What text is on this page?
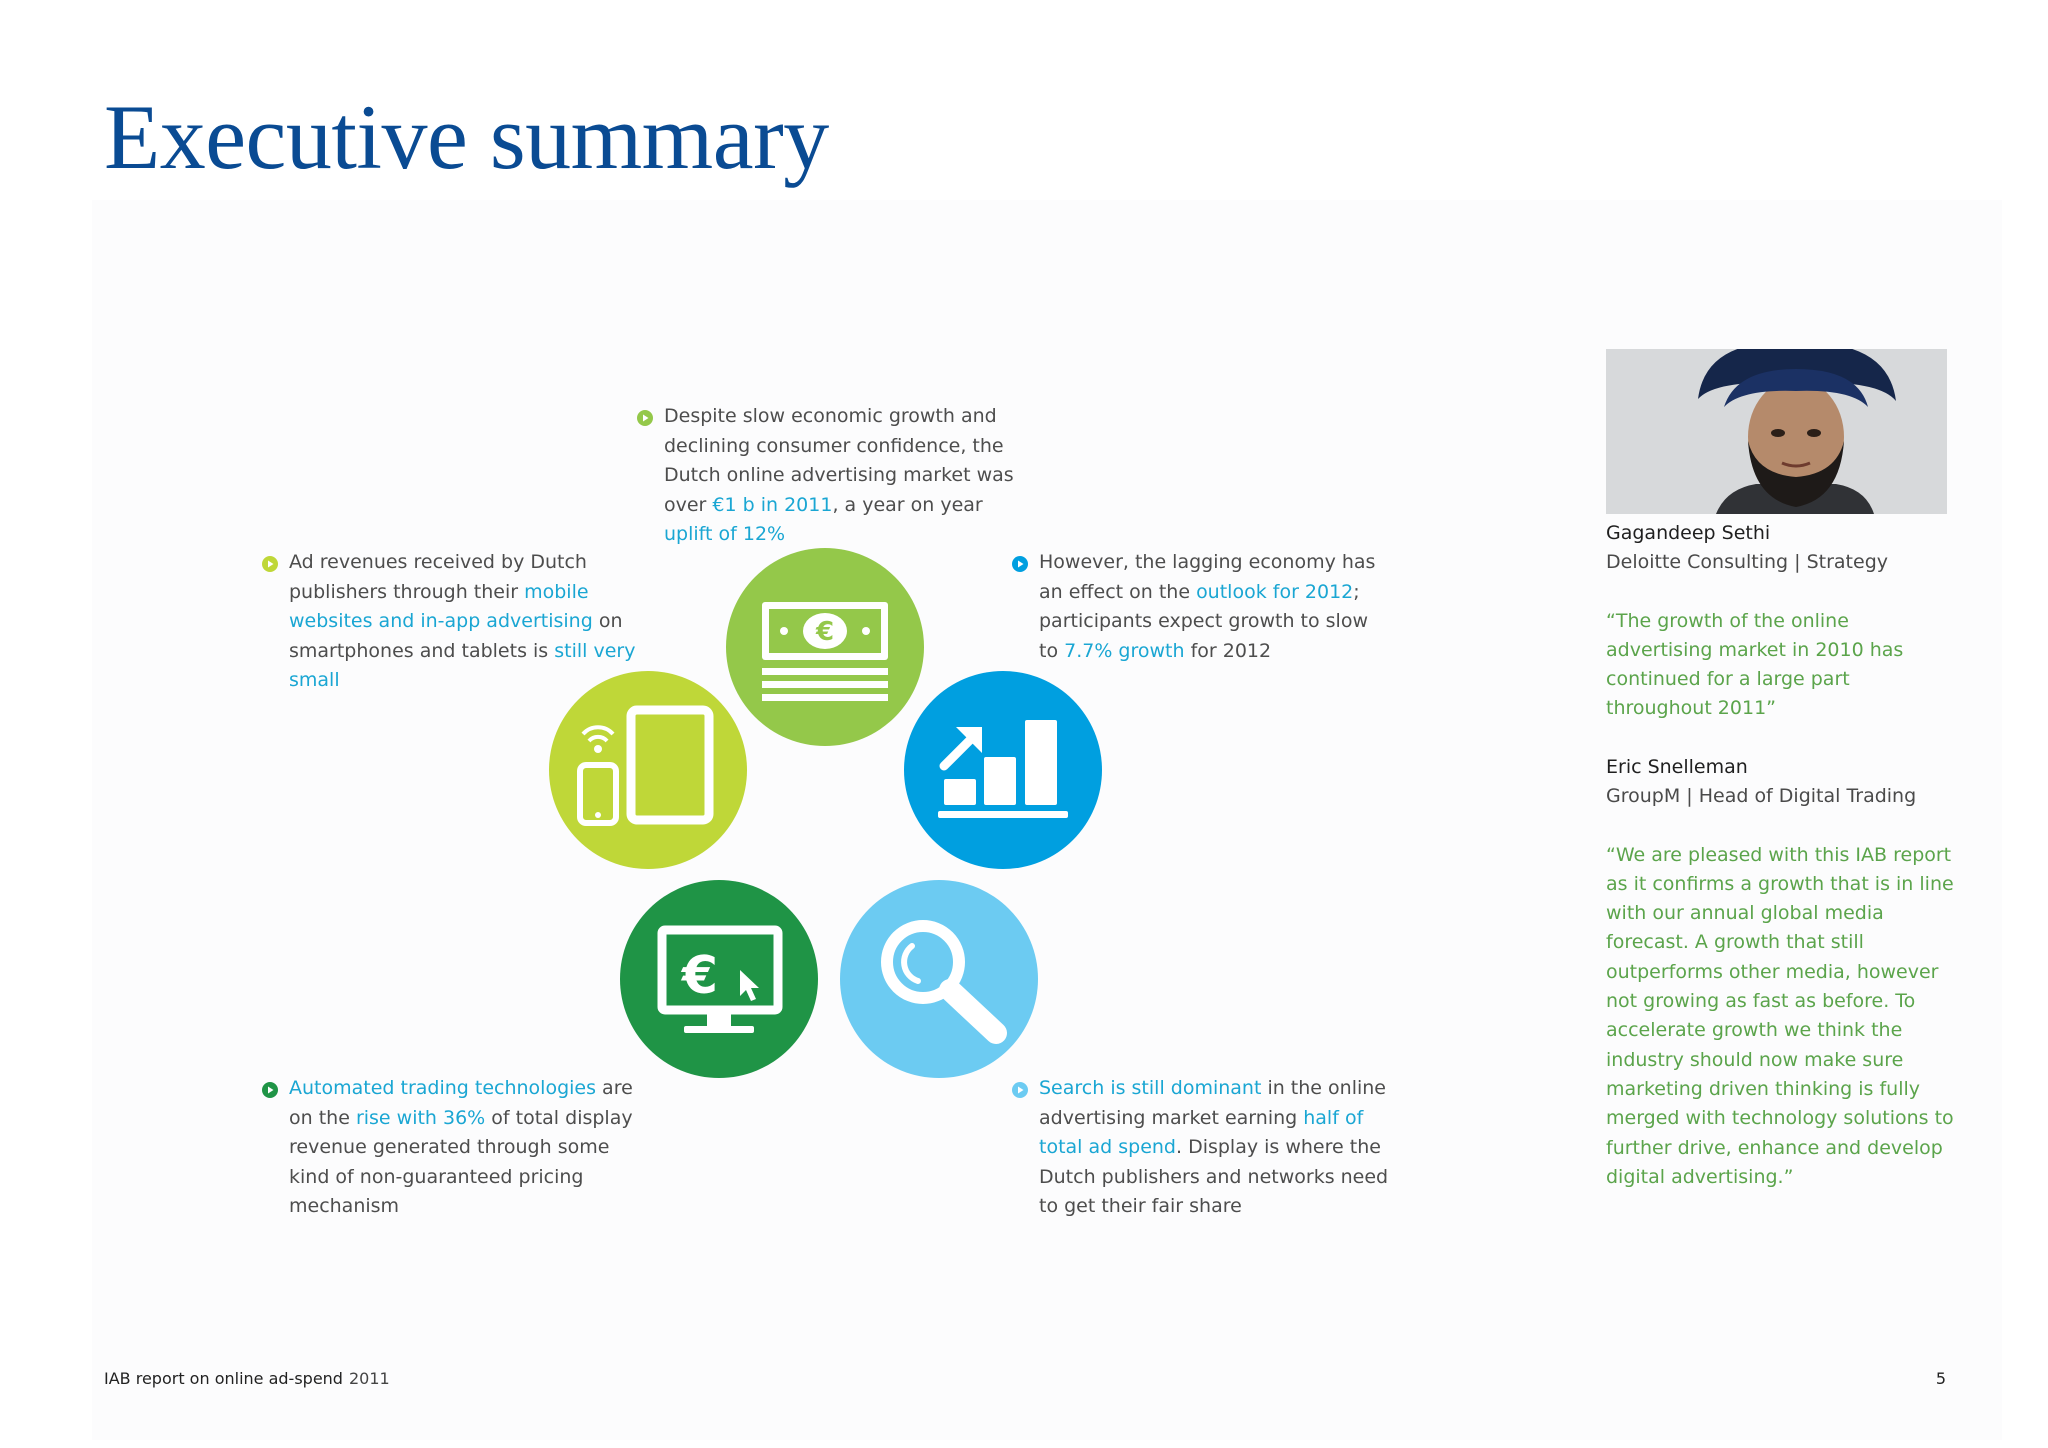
Executive summary
Despite slow economic growth and declining consumer confidence, the Dutch online advertising market was over €1 b in 2011, a year on year uplift of 12%
Ad revenues received by Dutch publishers through their mobile websites and in-app advertising on smartphones and tablets is still very small
However, the lagging economy has an effect on the outlook for 2012; participants expect growth to slow to 7.7% growth for 2012
Automated trading technologies are on the rise with 36% of total display revenue generated through some kind of non-guaranteed pricing mechanism
Search is still dominant in the online advertising market earning half of total ad spend. Display is where the Dutch publishers and networks need to get their fair share
€
€
Gagandeep Sethi
Deloitte Consulting | Strategy
“The growth of the online advertising market in 2010 has continued for a large part throughout 2011”
Eric Snelleman
GroupM | Head of Digital Trading
“We are pleased with this IAB report as it confirms a growth that is in line with our annual global media forecast. A growth that still outperforms other media, however not growing as fast as before. To accelerate growth we think the industry should now make sure marketing driven thinking is fully merged with technology solutions to further drive, enhance and develop digital advertising.”
IAB report on online ad-spend 2011	5
